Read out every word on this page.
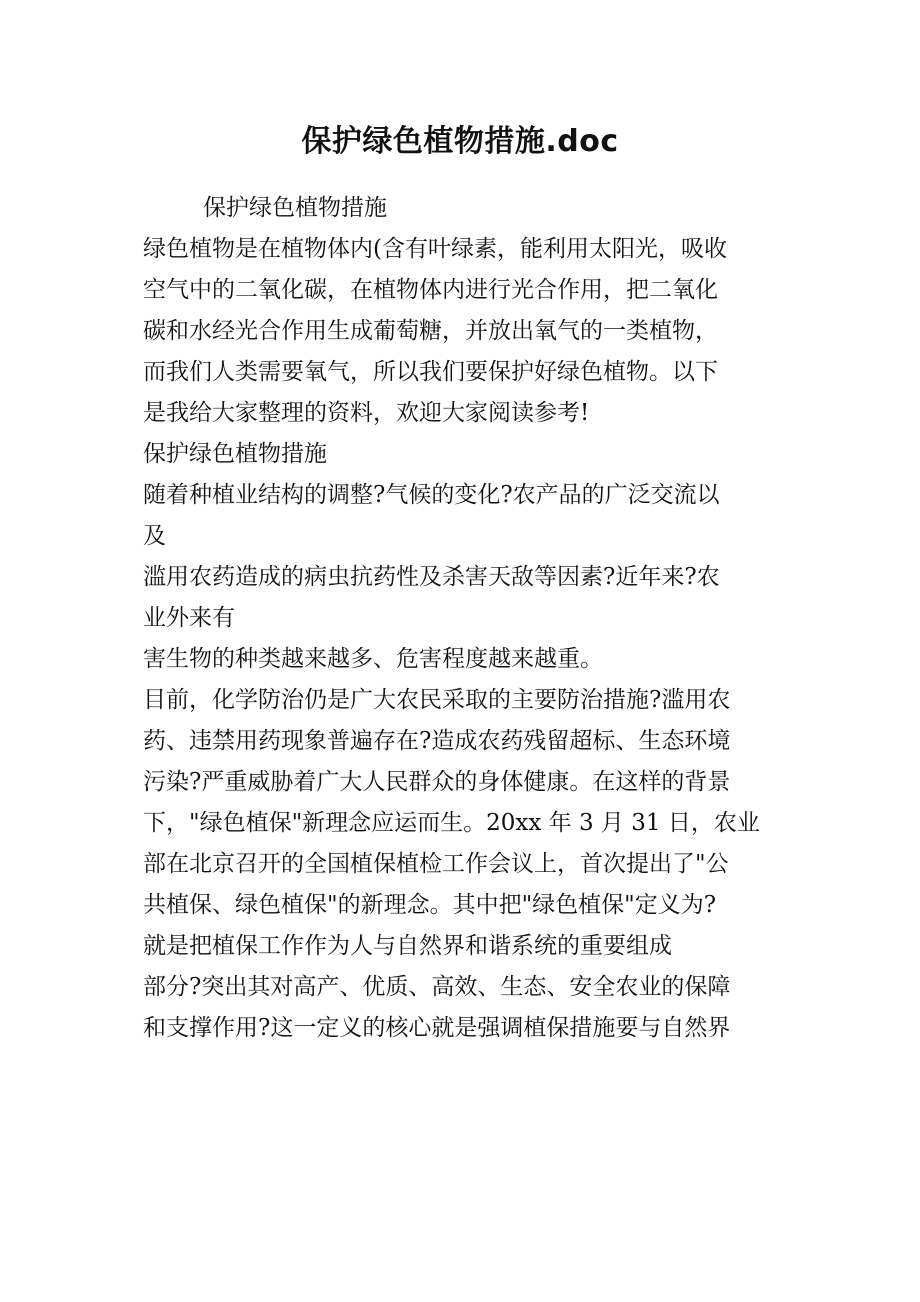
保护绿色植物措施.doc

保护绿色植物措施

绿色植物是在植物体内(含有叶绿素，能利用太阳光，吸收

空气中的二氧化碳，在植物体内进行光合作用，把二氧化

碳和水经光合作用生成葡萄糖，并放出氧气的一类植物，

而我们人类需要氧气，所以我们要保护好绿色植物。以下

是我给大家整理的资料，欢迎大家阅读参考!

保护绿色植物措施

随着种植业结构的调整?气候的变化?农产品的广泛交流以

及

滥用农药造成的病虫抗药性及杀害天敌等因素?近年来?农

业外来有

害生物的种类越来越多、危害程度越来越重。

目前，化学防治仍是广大农民采取的主要防治措施?滥用农

药、违禁用药现象普遍存在?造成农药残留超标、生态环境

污染?严重威胁着广大人民群众的身体健康。在这样的背景

下，"绿色植保"新理念应运而生。20xx 年 3 月 31 日，农业

部在北京召开的全国植保植检工作会议上，首次提出了"公

共植保、绿色植保"的新理念。其中把"绿色植保"定义为?

就是把植保工作作为人与自然界和谐系统的重要组成

部分?突出其对高产、优质、高效、生态、安全农业的保障

和支撑作用?这一定义的核心就是强调植保措施要与自然界
